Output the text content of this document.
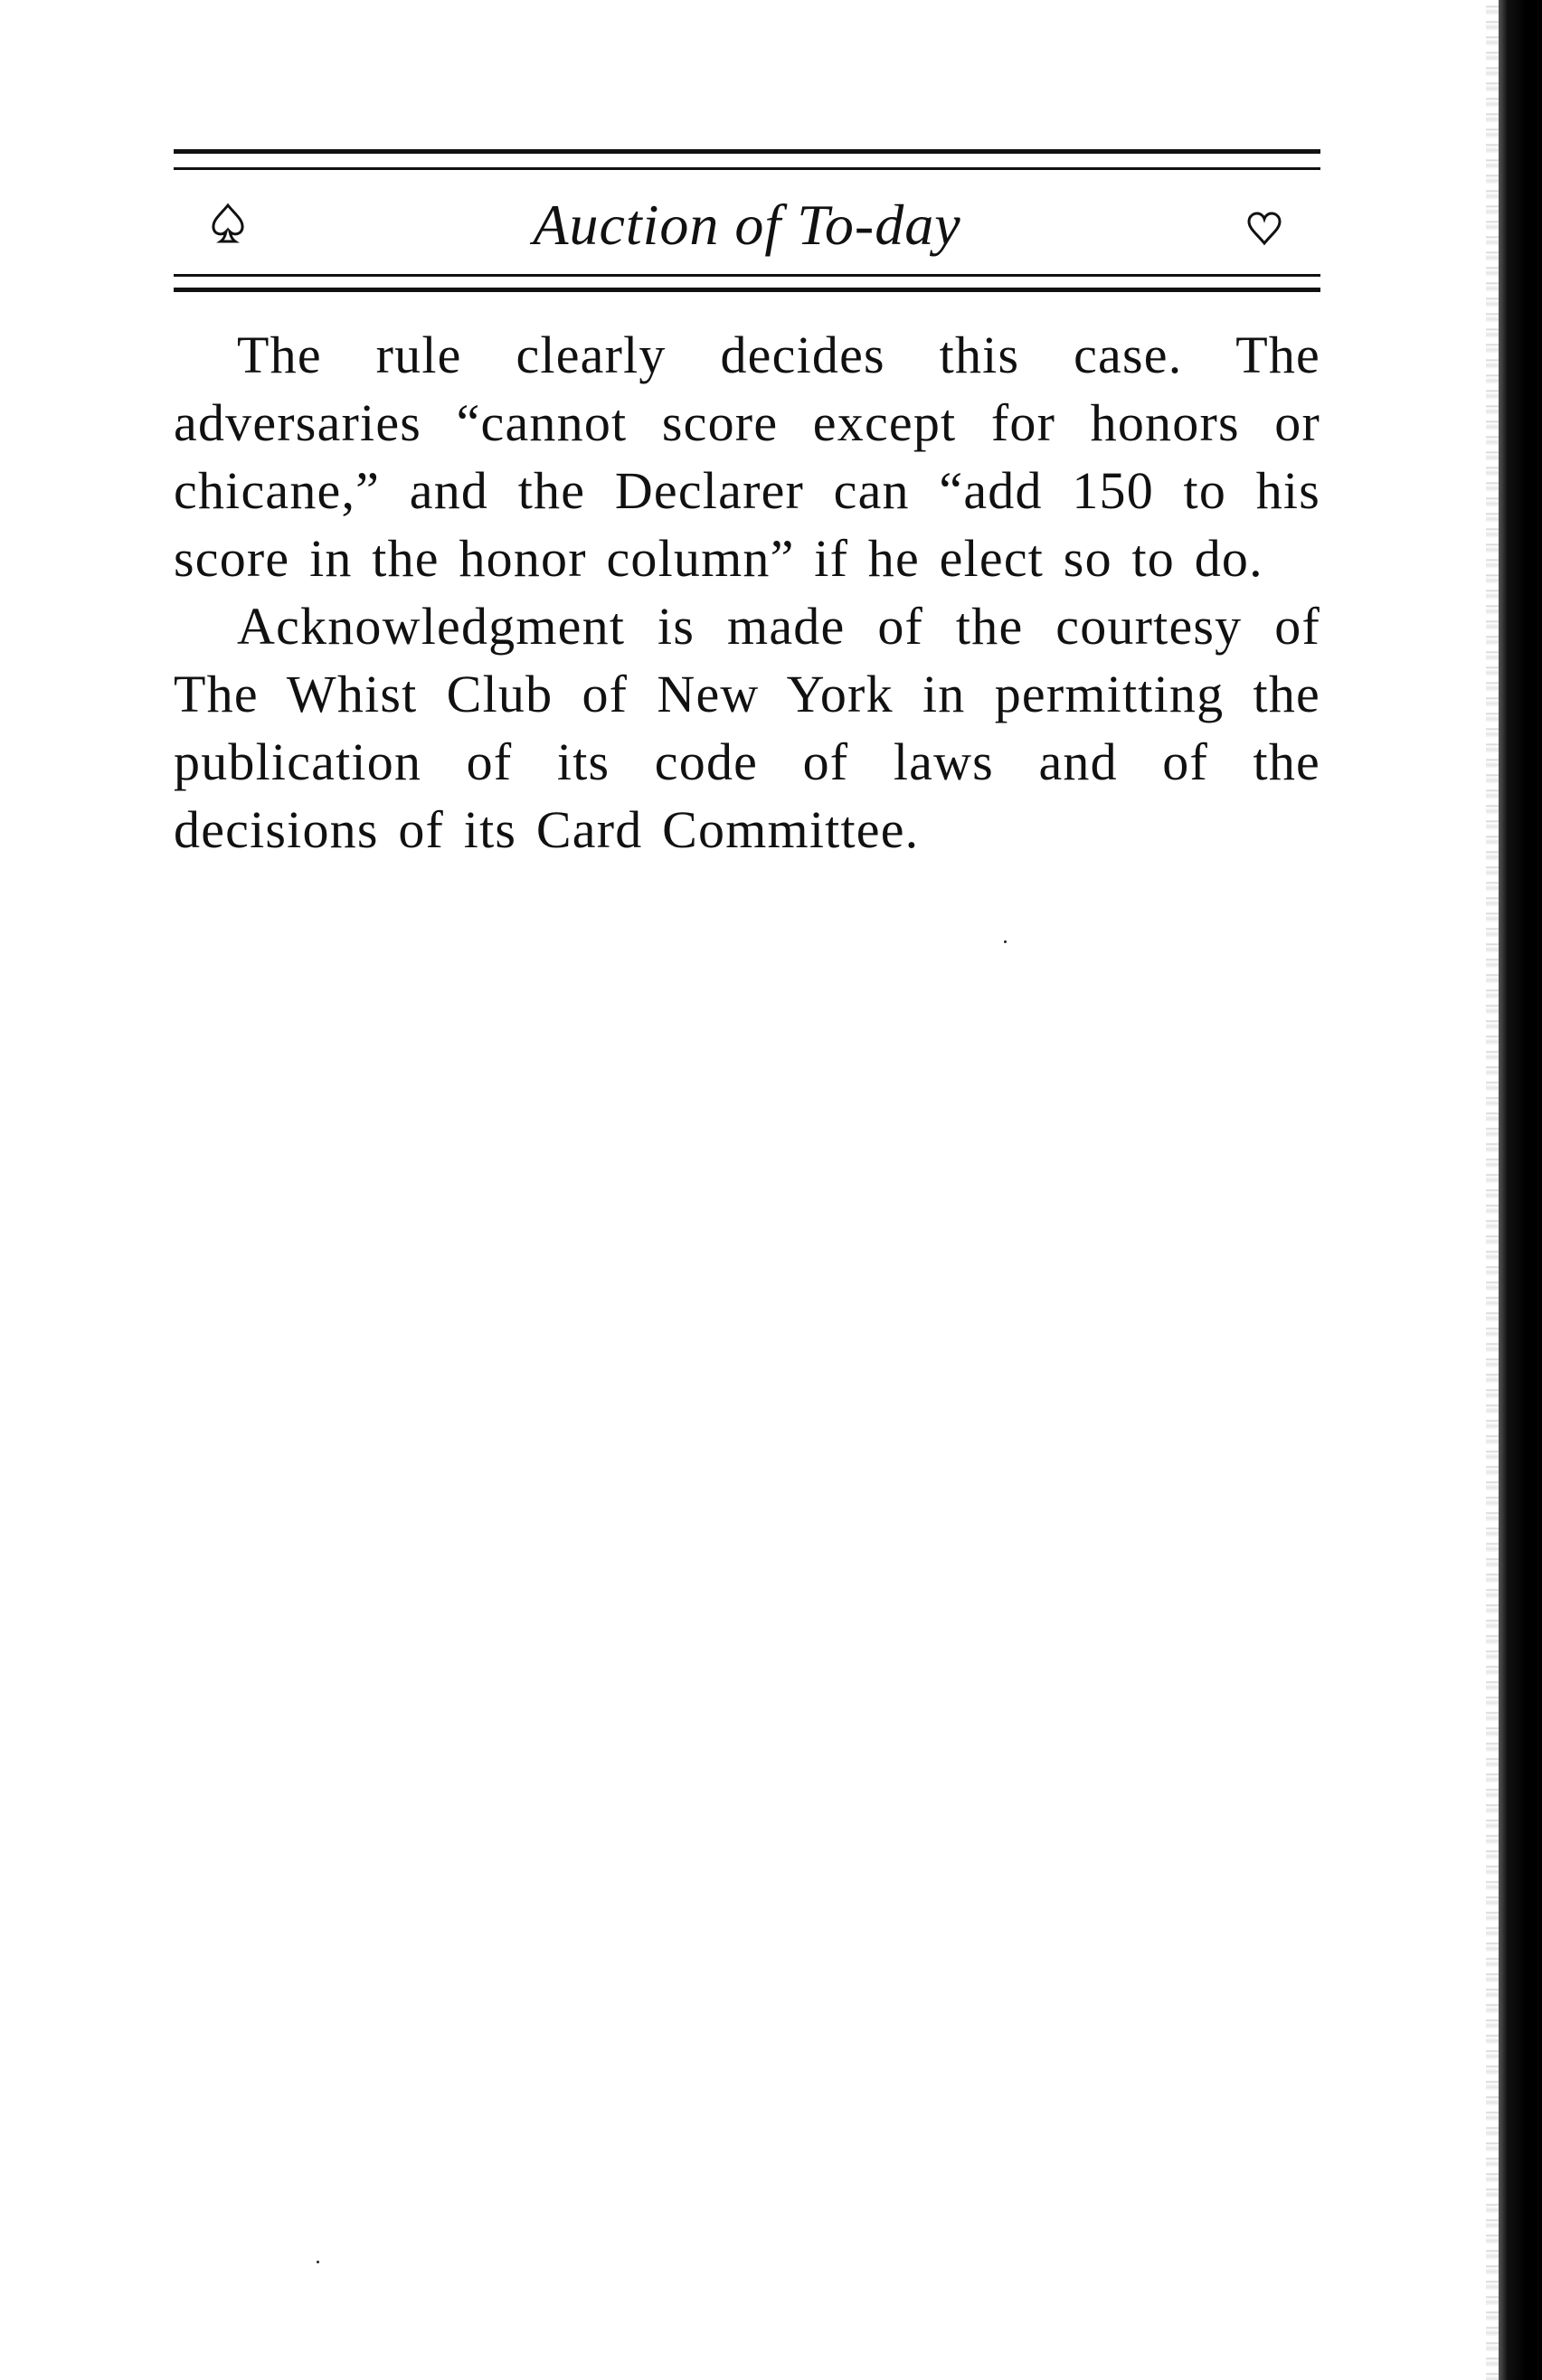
Auction of To-day

The rule clearly decides this case. The adversaries “cannot score except for honors or chicane,” and the Declarer can “add 150 to his score in the honor column” if he elect so to do.

Acknowledgment is made of the courtesy of The Whist Club of New York in permitting the publication of its code of laws and of the decisions of its Card Committee.
